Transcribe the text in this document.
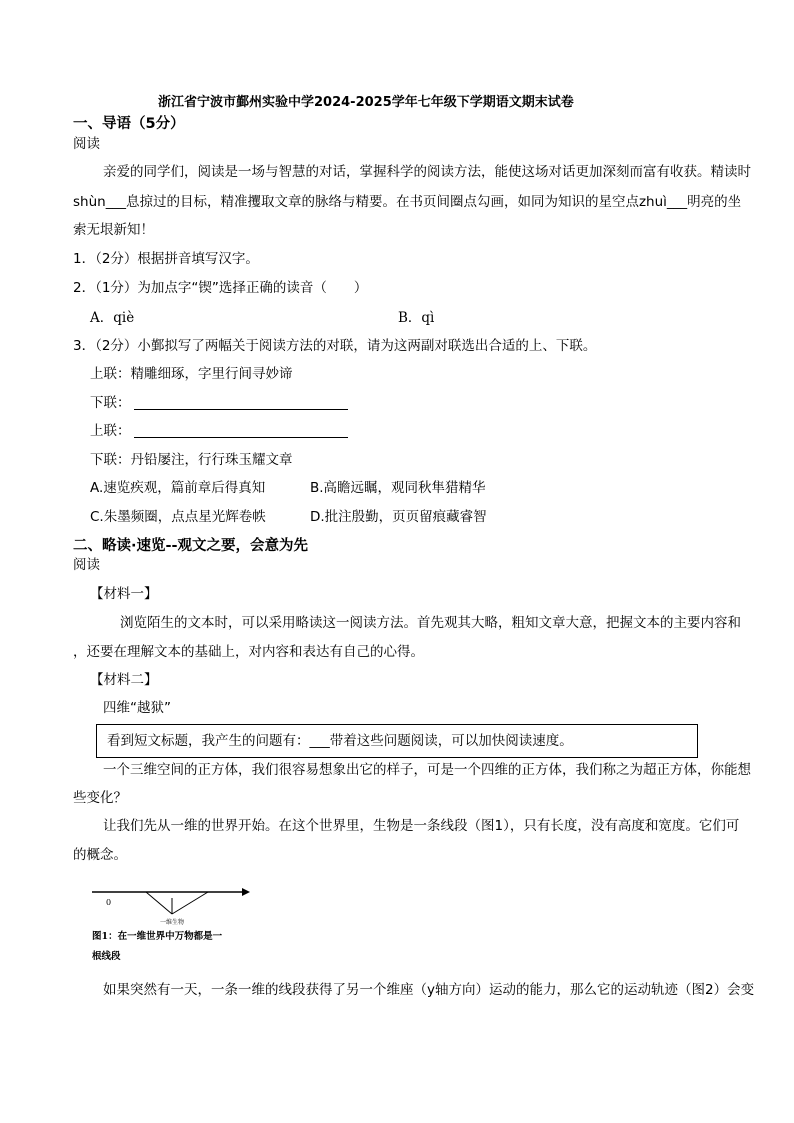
浙江省宁波市鄞州实验中学2024-2025学年七年级下学期语文期末试卷
一、导语（5分）
阅读
亲爱的同学们，阅读是一场与智慧的对话，掌握科学的阅读方法，能使这场对话更加深刻而富有收获。精读时
shùn___息掠过的目标，精准攫取文章的脉络与精要。在书页间圈点勾画，如同为知识的星空点zhuì___明亮的坐
索无垠新知！
1．（2分）根据拼音填写汉字。
2．（1分）为加点字“锲”选择正确的读音（　　）
A．qiè	B．qì
3．（2分）小鄞拟写了两幅关于阅读方法的对联，请为这两副对联选出合适的上、下联。
上联：精雕细琢，字里行间寻妙谛
下联：
上联：
下联：丹铅屡注，行行珠玉耀文章
A.速览疾观，篇前章后得真知	B.高瞻远瞩，观同秋隼猎精华
C.朱墨频圈，点点星光辉卷帙	D.批注殷勤，页页留痕藏睿智
二、略读·速览--观文之要，会意为先
阅读
【材料一】
浏览陌生的文本时，可以采用略读这一阅读方法。首先观其大略，粗知文章大意，把握文本的主要内容和
，还要在理解文本的基础上，对内容和表达有自己的心得。
【材料二】
四维“越狱”
看到短文标题，我产生的问题有：___带着这些问题阅读，可以加快阅读速度。
一个三维空间的正方体，我们很容易想象出它的样子，可是一个四维的正方体，我们称之为超正方体，你能想
些变化？
让我们先从一维的世界开始。在这个世界里，生物是一条线段（图1），只有长度，没有高度和宽度。它们可
的概念。
0
一维生物
图1：在一维世界中万物都是一
根线段
如果突然有一天，一条一维的线段获得了另一个维座（y轴方向）运动的能力，那么它的运动轨迹（图2）会变
